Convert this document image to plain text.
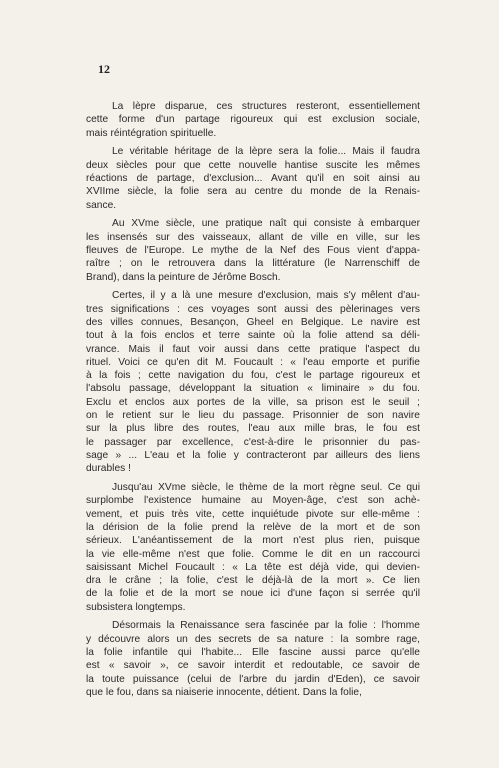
12
La lèpre disparue, ces structures resteront, essentiellement
cette forme d'un partage rigoureux qui est exclusion sociale,
mais réintégration spirituelle.
Le véritable héritage de la lèpre sera la folie... Mais il faudra
deux siècles pour que cette nouvelle hantise suscite les mêmes
réactions de partage, d'exclusion... Avant qu'il en soit ainsi au
XVIIme siècle, la folie sera au centre du monde de la Renais-
sance.
Au XVme siècle, une pratique naît qui consiste à embarquer
les insensés sur des vaisseaux, allant de ville en ville, sur les
fleuves de l'Europe. Le mythe de la Nef des Fous vient d'appa-
raître ; on le retrouvera dans la littérature (le Narrenschiff de
Brand), dans la peinture de Jérôme Bosch.
Certes, il y a là une mesure d'exclusion, mais s'y mêlent d'au-
tres significations : ces voyages sont aussi des pèlerinages vers
des villes connues, Besançon, Gheel en Belgique. Le navire est
tout à la fois enclos et terre sainte où la folie attend sa déli-
vrance. Mais il faut voir aussi dans cette pratique l'aspect du
rituel. Voici ce qu'en dit M. Foucault : « l'eau emporte et purifie
à la fois ; cette navigation du fou, c'est le partage rigoureux et
l'absolu passage, développant la situation « liminaire » du fou.
Exclu et enclos aux portes de la ville, sa prison est le seuil ;
on le retient sur le lieu du passage. Prisonnier de son navire
sur la plus libre des routes, l'eau aux mille bras, le fou est
le passager par excellence, c'est-à-dire le prisonnier du pas-
sage » ... L'eau et la folie y contracteront par ailleurs des liens
durables !
Jusqu'au XVme siècle, le thème de la mort règne seul. Ce qui
surplombe l'existence humaine au Moyen-âge, c'est son achè-
vement, et puis très vite, cette inquiétude pivote sur elle-même :
la dérision de la folie prend la relève de la mort et de son
sérieux. L'anéantissement de la mort n'est plus rien, puisque
la vie elle-même n'est que folie. Comme le dit en un raccourci
saisissant Michel Foucault : « La tête est déjà vide, qui devien-
dra le crâne ; la folie, c'est le déjà-là de la mort ». Ce lien
de la folie et de la mort se noue ici d'une façon si serrée qu'il
subsistera longtemps.
Désormais la Renaissance sera fascinée par la folie : l'homme
y découvre alors un des secrets de sa nature : la sombre rage,
la folie infantile qui l'habite... Elle fascine aussi parce qu'elle
est « savoir », ce savoir interdit et redoutable, ce savoir de
la toute puissance (celui de l'arbre du jardin d'Eden), ce savoir
que le fou, dans sa niaiserie innocente, détient. Dans la folie,
